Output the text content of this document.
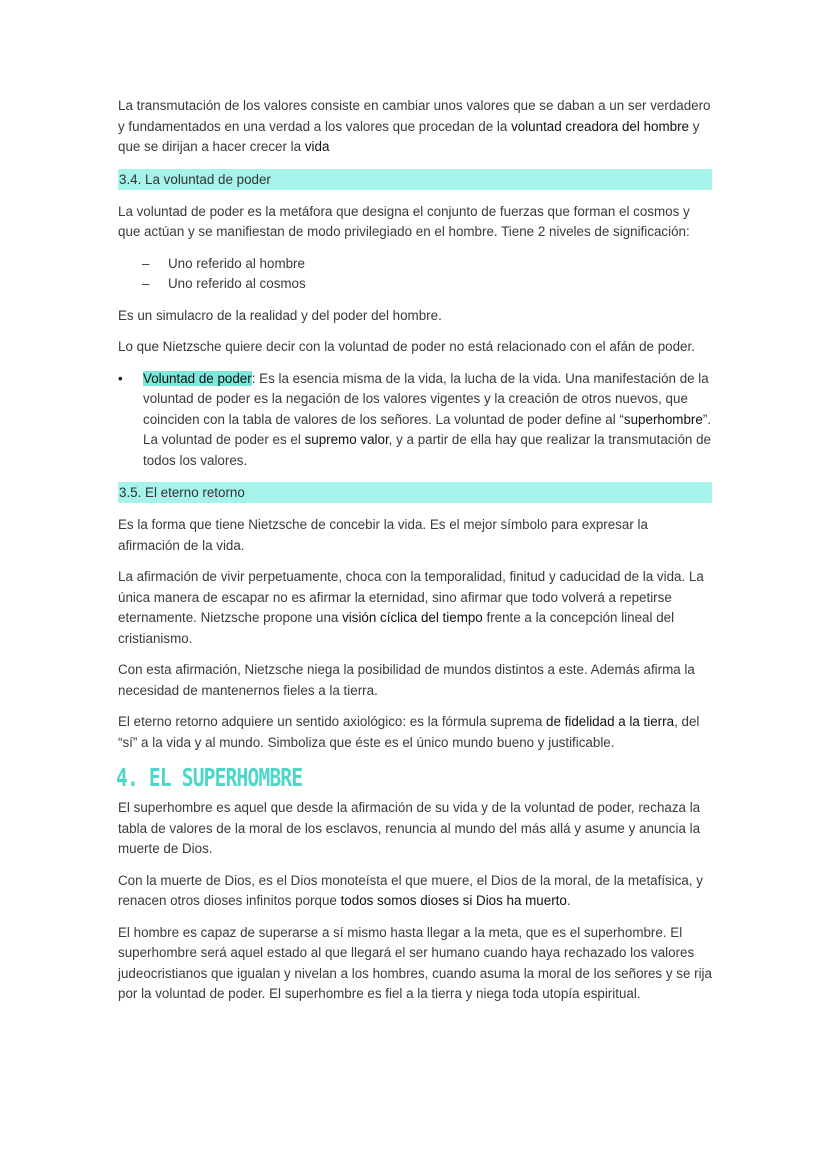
La transmutación de los valores consiste en cambiar unos valores que se daban a un ser verdadero y fundamentados en una verdad a los valores que procedan de la voluntad creadora del hombre y que se dirijan a hacer crecer la vida

3.4. La voluntad de poder

La voluntad de poder es la metáfora que designa el conjunto de fuerzas que forman el cosmos y que actúan y se manifiestan de modo privilegiado en el hombre. Tiene 2 niveles de significación:

– Uno referido al hombre
– Uno referido al cosmos

Es un simulacro de la realidad y del poder del hombre.

Lo que Nietzsche quiere decir con la voluntad de poder no está relacionado con el afán de poder.

• Voluntad de poder: Es la esencia misma de la vida, la lucha de la vida. Una manifestación de la voluntad de poder es la negación de los valores vigentes y la creación de otros nuevos, que coinciden con la tabla de valores de los señores. La voluntad de poder define al “superhombre”. La voluntad de poder es el supremo valor, y a partir de ella hay que realizar la transmutación de todos los valores.
3.5. El eterno retorno

Es la forma que tiene Nietzsche de concebir la vida. Es el mejor símbolo para expresar la afirmación de la vida.

La afirmación de vivir perpetuamente, choca con la temporalidad, finitud y caducidad de la vida. La única manera de escapar no es afirmar la eternidad, sino afirmar que todo volverá a repetirse eternamente. Nietzsche propone una visión cíclica del tiempo frente a la concepción lineal del cristianismo.

Con esta afirmación, Nietzsche niega la posibilidad de mundos distintos a este. Además afirma la necesidad de mantenernos fieles a la tierra.

El eterno retorno adquiere un sentido axiológico: es la fórmula suprema de fidelidad a la tierra, del “sí” a la vida y al mundo. Simboliza que éste es el único mundo bueno y justificable.

4. EL SUPERHOMBRE

El superhombre es aquel que desde la afirmación de su vida y de la voluntad de poder, rechaza la tabla de valores de la moral de los esclavos, renuncia al mundo del más allá y asume y anuncia la muerte de Dios.

Con la muerte de Dios, es el Dios monoteísta el que muere, el Dios de la moral, de la metafísica, y renacen otros dioses infinitos porque todos somos dioses si Dios ha muerto.

El hombre es capaz de superarse a sí mismo hasta llegar a la meta, que es el superhombre. El superhombre será aquel estado al que llegará el ser humano cuando haya rechazado los valores judeocristianos que igualan y nivelan a los hombres, cuando asuma la moral de los señores y se rija por la voluntad de poder. El superhombre es fiel a la tierra y niega toda utopía espiritual.
